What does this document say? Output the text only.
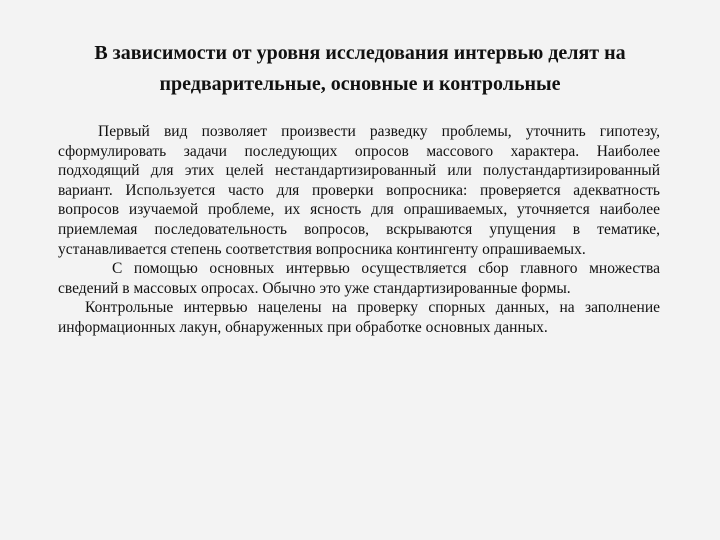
В зависимости от уровня исследования интервью делят на предварительные, основные и контрольные

Первый вид позволяет произвести разведку проблемы, уточнить гипотезу, сформулировать задачи последующих опросов массового характера. Наиболее подходящий для этих целей нестандартизированный или полустандартизированный вариант. Используется часто для проверки вопросника: проверяется адекватность вопросов изучаемой проблеме, их ясность для опрашиваемых, уточняется наиболее приемлемая последовательность вопросов, вскрываются упущения в тематике, устанавливается степень соответствия вопросника контингенту опрашиваемых.

С помощью основных интервью осуществляется сбор главного множества сведений в массовых опросах. Обычно это уже стандартизированные формы.

Контрольные интервью нацелены на проверку спорных данных, на заполнение информационных лакун, обнаруженных при обработке основных данных.
